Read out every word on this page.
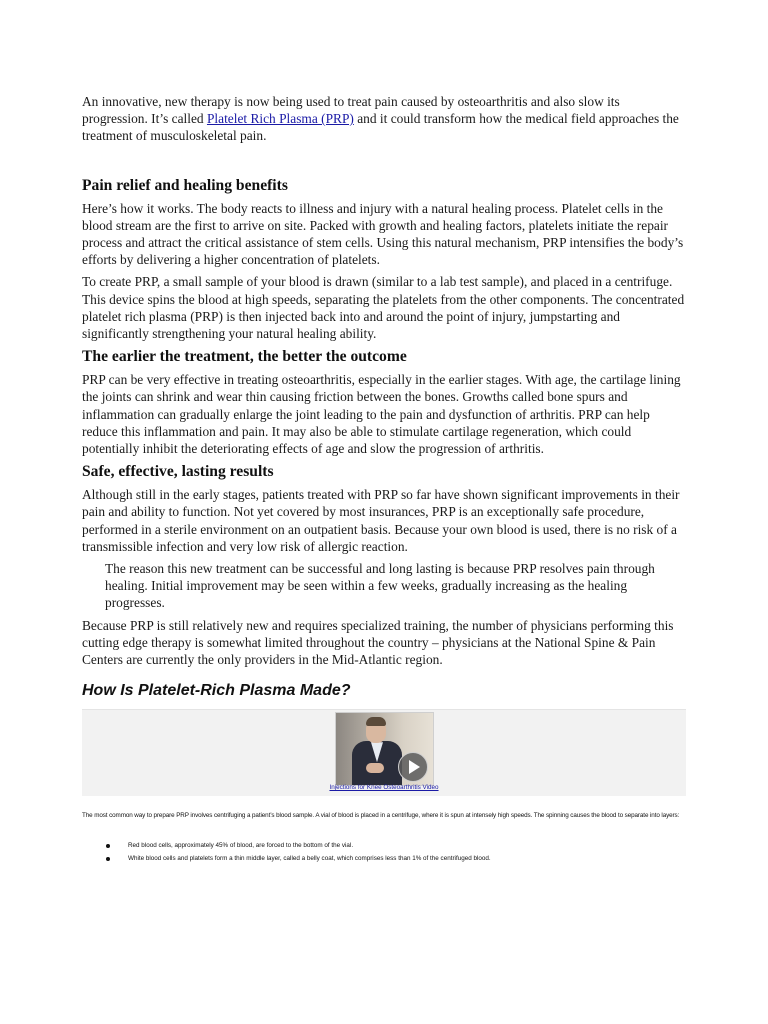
An innovative, new therapy is now being used to treat pain caused by osteoarthritis and also slow its progression. It’s called Platelet Rich Plasma (PRP) and it could transform how the medical field approaches the treatment of musculoskeletal pain.

Pain relief and healing benefits

Here’s how it works. The body reacts to illness and injury with a natural healing process. Platelet cells in the blood stream are the first to arrive on site. Packed with growth and healing factors, platelets initiate the repair process and attract the critical assistance of stem cells. Using this natural mechanism, PRP intensifies the body’s efforts by delivering a higher concentration of platelets.

To create PRP, a small sample of your blood is drawn (similar to a lab test sample), and placed in a centrifuge. This device spins the blood at high speeds, separating the platelets from the other components. The concentrated platelet rich plasma (PRP) is then injected back into and around the point of injury, jumpstarting and significantly strengthening your natural healing ability.

The earlier the treatment, the better the outcome

PRP can be very effective in treating osteoarthritis, especially in the earlier stages. With age, the cartilage lining the joints can shrink and wear thin causing friction between the bones. Growths called bone spurs and inflammation can gradually enlarge the joint leading to the pain and dysfunction of arthritis. PRP can help reduce this inflammation and pain. It may also be able to stimulate cartilage regeneration, which could potentially inhibit the deteriorating effects of age and slow the progression of arthritis.

Safe, effective, lasting results

Although still in the early stages, patients treated with PRP so far have shown significant improvements in their pain and ability to function. Not yet covered by most insurances, PRP is an exceptionally safe procedure, performed in a sterile environment on an outpatient basis. Because your own blood is used, there is no risk of a transmissible infection and very low risk of allergic reaction.

The reason this new treatment can be successful and long lasting is because PRP resolves pain through healing. Initial improvement may be seen within a few weeks, gradually increasing as the healing progresses.

Because PRP is still relatively new and requires specialized training, the number of physicians performing this cutting edge therapy is somewhat limited throughout the country – physicians at the National Spine & Pain Centers are currently the only providers in the Mid-Atlantic region.

How Is Platelet-Rich Plasma Made?
Injections for Knee Osteoarthritis Video

The most common way to prepare PRP involves centrifuging a patient’s blood sample. A vial of blood is placed in a centrifuge, where it is spun at intensely high speeds. The spinning causes the blood to separate into layers:

Red blood cells, approximately 45% of blood, are forced to the bottom of the vial.
White blood cells and platelets form a thin middle layer, called a belly coat, which comprises less than 1% of the centrifuged blood.
